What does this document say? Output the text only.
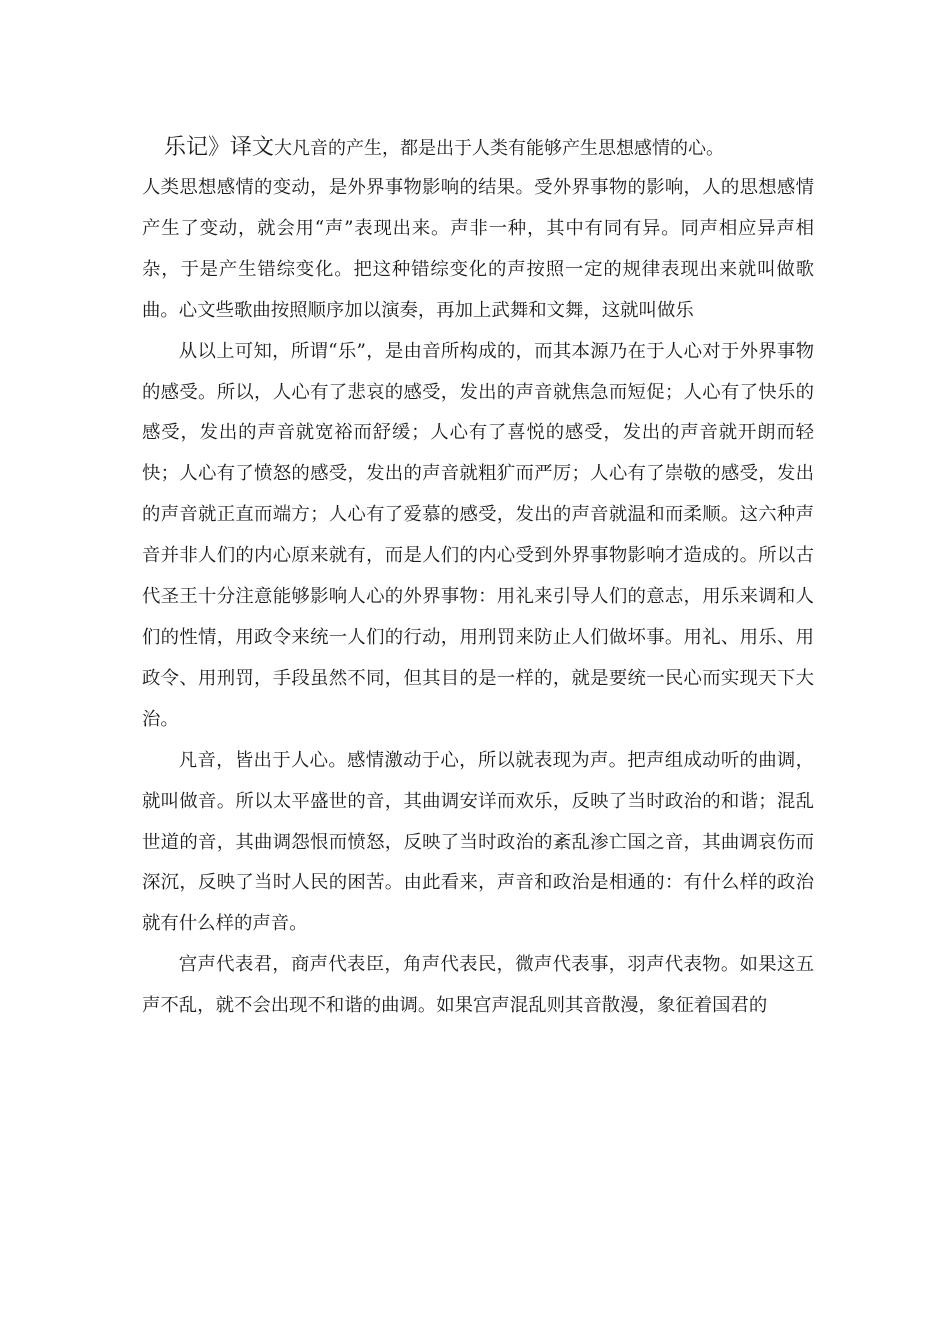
乐记》译文大凡音的产生，都是出于人类有能够产生思想感情的心。

人类思想感情的变动，是外界事物影响的结果。受外界事物的影响，人的思想感情产生了变动，就会用“声”表现出来。声非一种，其中有同有异。同声相应异声相杂，于是产生错综变化。把这种错综变化的声按照一定的规律表现出来就叫做歌曲。心文些歌曲按照顺序加以演奏，再加上武舞和文舞，这就叫做乐

从以上可知，所谓“乐”，是由音所构成的，而其本源乃在于人心对于外界事物的感受。所以，人心有了悲哀的感受，发出的声音就焦急而短促；人心有了快乐的感受，发出的声音就宽裕而舒缓；人心有了喜悦的感受，发出的声音就开朗而轻快；人心有了愤怒的感受，发出的声音就粗犷而严厉；人心有了崇敬的感受，发出的声音就正直而端方；人心有了爱慕的感受，发出的声音就温和而柔顺。这六种声音并非人们的内心原来就有，而是人们的内心受到外界事物影响才造成的。所以古代圣王十分注意能够影响人心的外界事物：用礼来引导人们的意志，用乐来调和人们的性情，用政令来统一人们的行动，用刑罚来防止人们做坏事。用礼、用乐、用政令、用刑罚，手段虽然不同，但其目的是一样的，就是要统一民心而实现天下大治。

凡音，皆出于人心。感情激动于心，所以就表现为声。把声组成动听的曲调，就叫做音。所以太平盛世的音，其曲调安详而欢乐，反映了当时政治的和谐；混乱世道的音，其曲调怨恨而愤怒，反映了当时政治的紊乱渗亡国之音，其曲调哀伤而深沉，反映了当时人民的困苦。由此看来，声音和政治是相通的：有什么样的政治就有什么样的声音。

宫声代表君，商声代表臣，角声代表民，微声代表事，羽声代表物。如果这五声不乱，就不会出现不和谐的曲调。如果宫声混乱则其音散漫，象征着国君的
